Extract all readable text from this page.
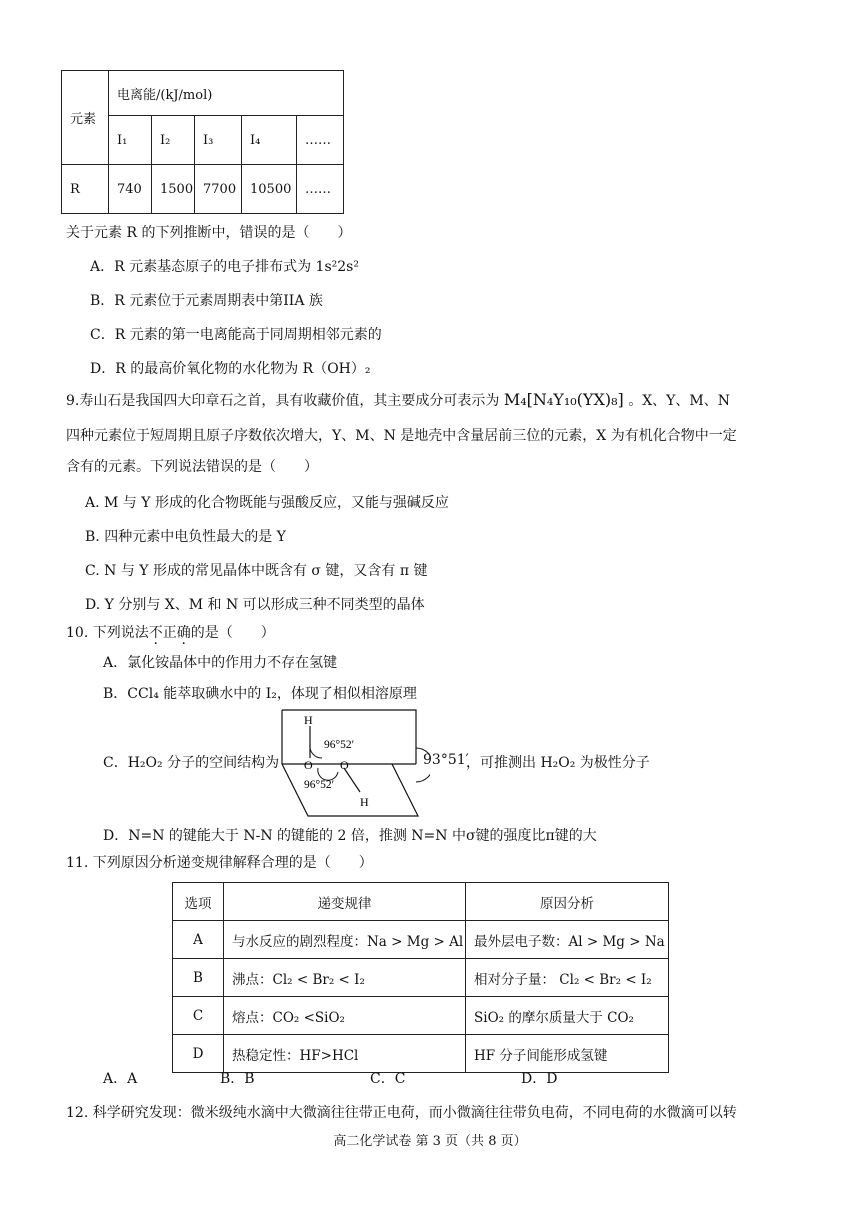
元素	电离能/(kJ/mol)				
	I₁	I₂	I₃	I₄	……
R	740	1500	7700	10500	……
关于元素 R 的下列推断中，错误的是（　　）
A．R 元素基态原子的电子排布式为 1s²2s²
B．R 元素位于元素周期表中第IIA 族
C．R 元素的第一电离能高于同周期相邻元素的
D．R 的最高价氧化物的水化物为 R（OH）₂
9.寿山石是我国四大印章石之首，具有收藏价值，其主要成分可表示为 M₄[N₄Y₁₀(YX)₈] 。X、Y、M、N
四种元素位于短周期且原子序数依次增大，Y、M、N 是地壳中含量居前三位的元素，X 为有机化合物中一定
含有的元素。下列说法错误的是（　　）
A. M 与 Y 形成的化合物既能与强酸反应，又能与强碱反应
B. 四种元素中电负性最大的是 Y
C. N 与 Y 形成的常见晶体中既含有 σ 键，又含有 π 键
D. Y 分别与 X、M 和 N 可以形成三种不同类型的晶体
10. 下列说法不正确的是（　　）
A．氯化铵晶体中的作用力不存在氢键
B．CCl₄ 能萃取碘水中的 I₂，体现了相似相溶原理
C．H₂O₂ 分子的空间结构为
H
O O
96°52′
96°52′
H
93°51′
，可推测出 H₂O₂ 为极性分子
D．N=N 的键能大于 N-N 的键能的 2 倍，推测 N=N 中σ键的强度比π键的大
11. 下列原因分析递变规律解释合理的是（　　）
选项	递变规律	原因分析
A	与水反应的剧烈程度：Na > Mg > Al	最外层电子数：Al > Mg > Na
B	沸点：Cl₂ < Br₂ < I₂	相对分子量： Cl₂ < Br₂ < I₂
C	熔点：CO₂ <SiO₂	SiO₂ 的摩尔质量大于 CO₂
D	热稳定性：HF>HCl	HF 分子间能形成氢键
A．A	B．B	C．C	D．D
12. 科学研究发现：微米级纯水滴中大微滴往往带正电荷，而小微滴往往带负电荷，不同电荷的水微滴可以转
高二化学试卷 第 3 页（共 8 页）
